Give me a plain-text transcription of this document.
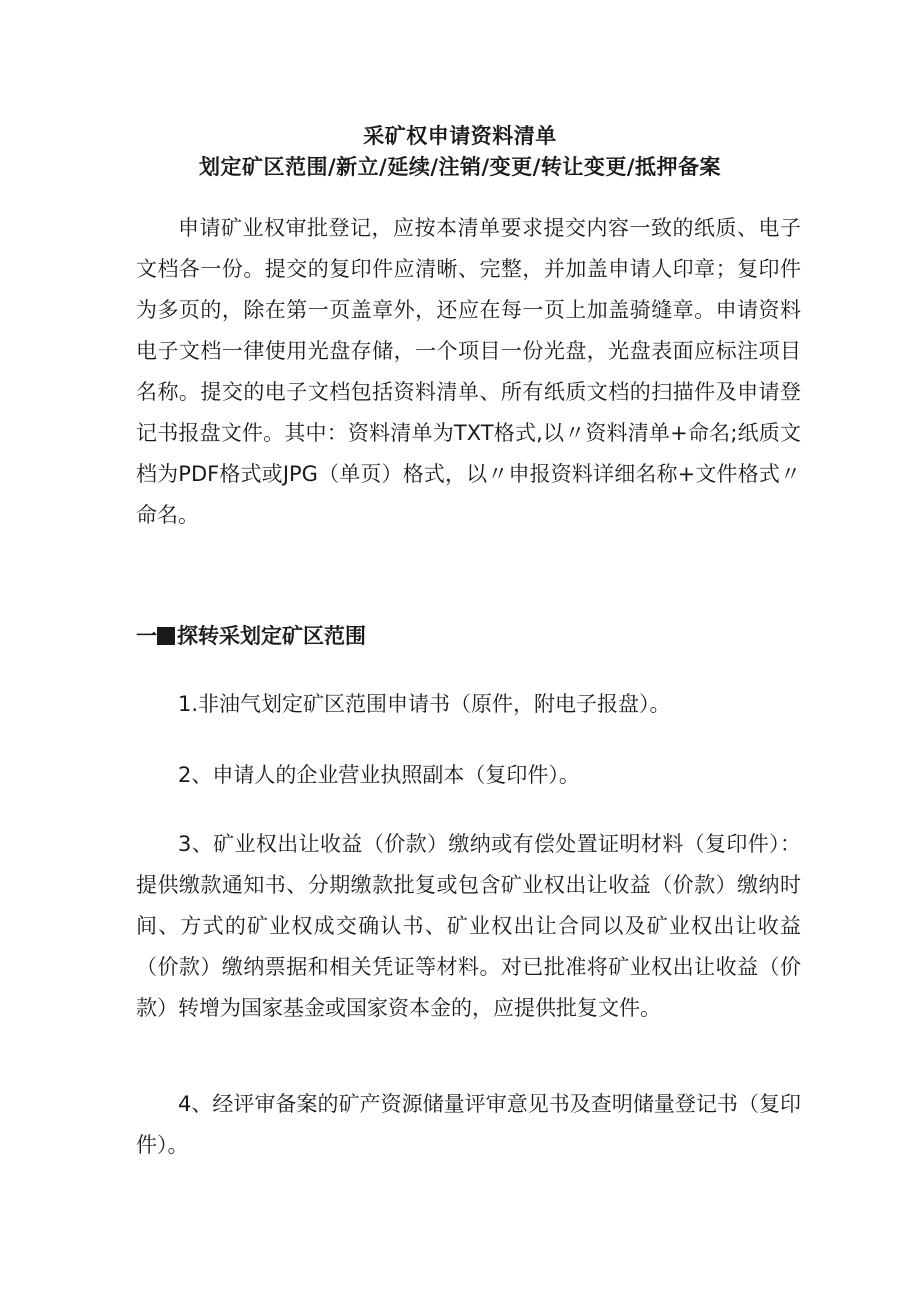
采矿权申请资料清单
划定矿区范围/新立/延续/注销/变更/转让变更/抵押备案

申请矿业权审批登记，应按本清单要求提交内容一致的纸质、电子文档各一份。提交的复印件应清晰、完整，并加盖申请人印章；复印件为多页的，除在第一页盖章外，还应在每一页上加盖骑缝章。申请资料电子文档一律使用光盘存储，一个项目一份光盘，光盘表面应标注项目名称。提交的电子文档包括资料清单、所有纸质文档的扫描件及申请登记书报盘文件。其中：资料清单为TXT格式,以〃资料清单+命名;纸质文档为PDF格式或JPG（单页）格式，以〃申报资料详细名称+文件格式〃命名。

一 探转采划定矿区范围

1.非油气划定矿区范围申请书（原件，附电子报盘）。

2、申请人的企业营业执照副本（复印件）。

3、矿业权出让收益（价款）缴纳或有偿处置证明材料（复印件）：提供缴款通知书、分期缴款批复或包含矿业权出让收益（价款）缴纳时间、方式的矿业权成交确认书、矿业权出让合同以及矿业权出让收益（价款）缴纳票据和相关凭证等材料。对已批准将矿业权出让收益（价款）转增为国家基金或国家资本金的，应提供批复文件。

4、经评审备案的矿产资源储量评审意见书及查明储量登记书（复印件）。
